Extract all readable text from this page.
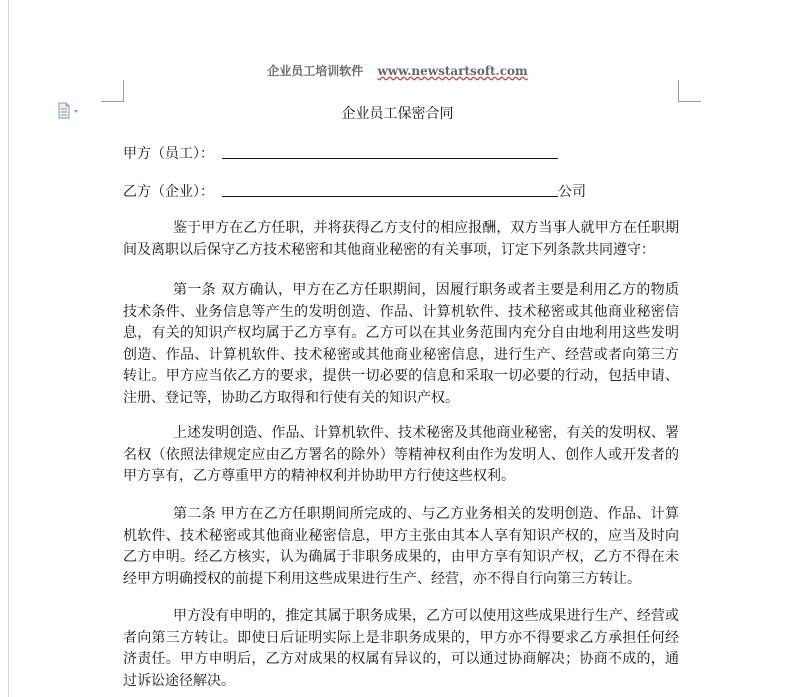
企业员工培训软件 www.newstartsoft.com
企业员工保密合同
甲方（员工）：
乙方（企业）：	公司

鉴于甲方在乙方任职，并将获得乙方支付的相应报酬，双方当事人就甲方在任职期间及离职以后保守乙方技术秘密和其他商业秘密的有关事项，订定下列条款共同遵守：

第一条 双方确认，甲方在乙方任职期间，因履行职务或者主要是利用乙方的物质技术条件、业务信息等产生的发明创造、作品、计算机软件、技术秘密或其他商业秘密信息，有关的知识产权均属于乙方享有。乙方可以在其业务范围内充分自由地利用这些发明创造、作品、计算机软件、技术秘密或其他商业秘密信息，进行生产、经营或者向第三方转让。甲方应当依乙方的要求，提供一切必要的信息和采取一切必要的行动，包括申请、注册、登记等，协助乙方取得和行使有关的知识产权。

上述发明创造、作品、计算机软件、技术秘密及其他商业秘密，有关的发明权、署名权（依照法律规定应由乙方署名的除外）等精神权利由作为发明人、创作人或开发者的甲方享有，乙方尊重甲方的精神权利并协助甲方行使这些权利。

第二条 甲方在乙方任职期间所完成的、与乙方业务相关的发明创造、作品、计算机软件、技术秘密或其他商业秘密信息，甲方主张由其本人享有知识产权的，应当及时向乙方申明。经乙方核实，认为确属于非职务成果的，由甲方享有知识产权，乙方不得在未经甲方明确授权的前提下利用这些成果进行生产、经营，亦不得自行向第三方转让。

甲方没有申明的，推定其属于职务成果，乙方可以使用这些成果进行生产、经营或者向第三方转让。即使日后证明实际上是非职务成果的，甲方亦不得要求乙方承担任何经济责任。甲方申明后，乙方对成果的权属有异议的，可以通过协商解决；协商不成的，通过诉讼途径解决。
